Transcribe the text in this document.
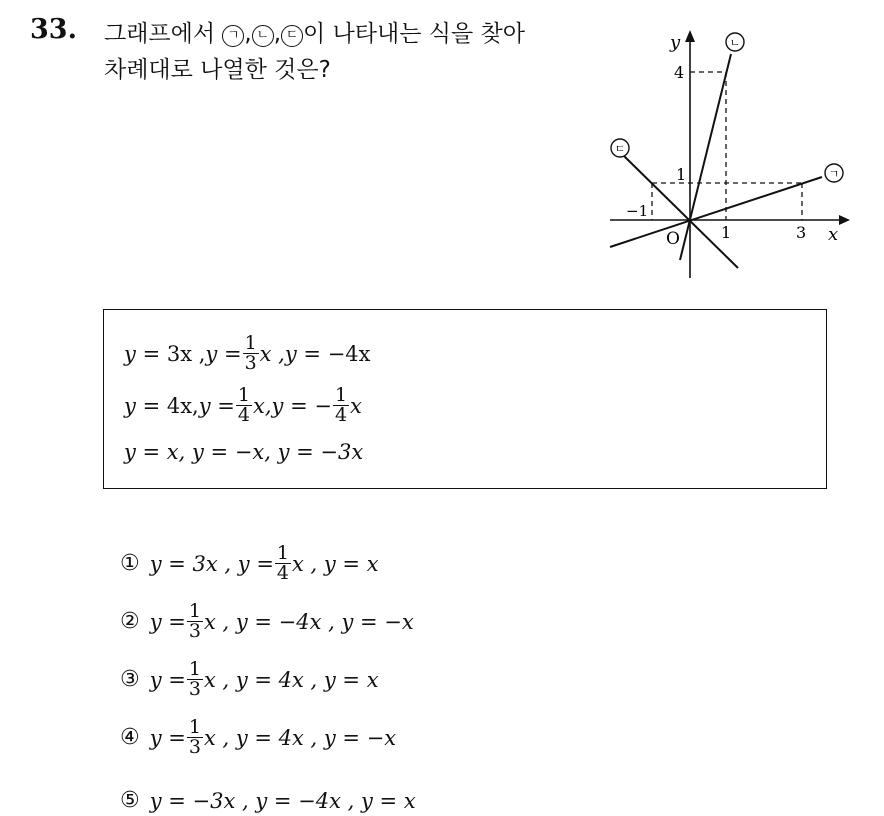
33. 그래프에서 ㄱ , ㄴ , ㄷ 이 나타내는 식을 찾아
차례대로 나열한 것은?
y
x
O
4
1
−1
1	3
ㄱ
ㄴ
ㄷ
y
= 3x , y
= $\frac{1}{3}$ x , y
= −4x
y
= 4x, y
= $\frac{1}{4} x$, y
= − $\frac{1}{4}$ x
y = x, y = −x, y = −3x
① y = 3x , $y = \frac{1}{4}$ x , y = x
② $y = \frac{1}{3}$ x , y = −4x , y = −x
③ $y = \frac{1}{3}$ x , y = 4x , y = x
④ $y = \frac{1}{3}$ x , y = 4x , y = −x
⑤ y = −3x , y = −4x , y = x
